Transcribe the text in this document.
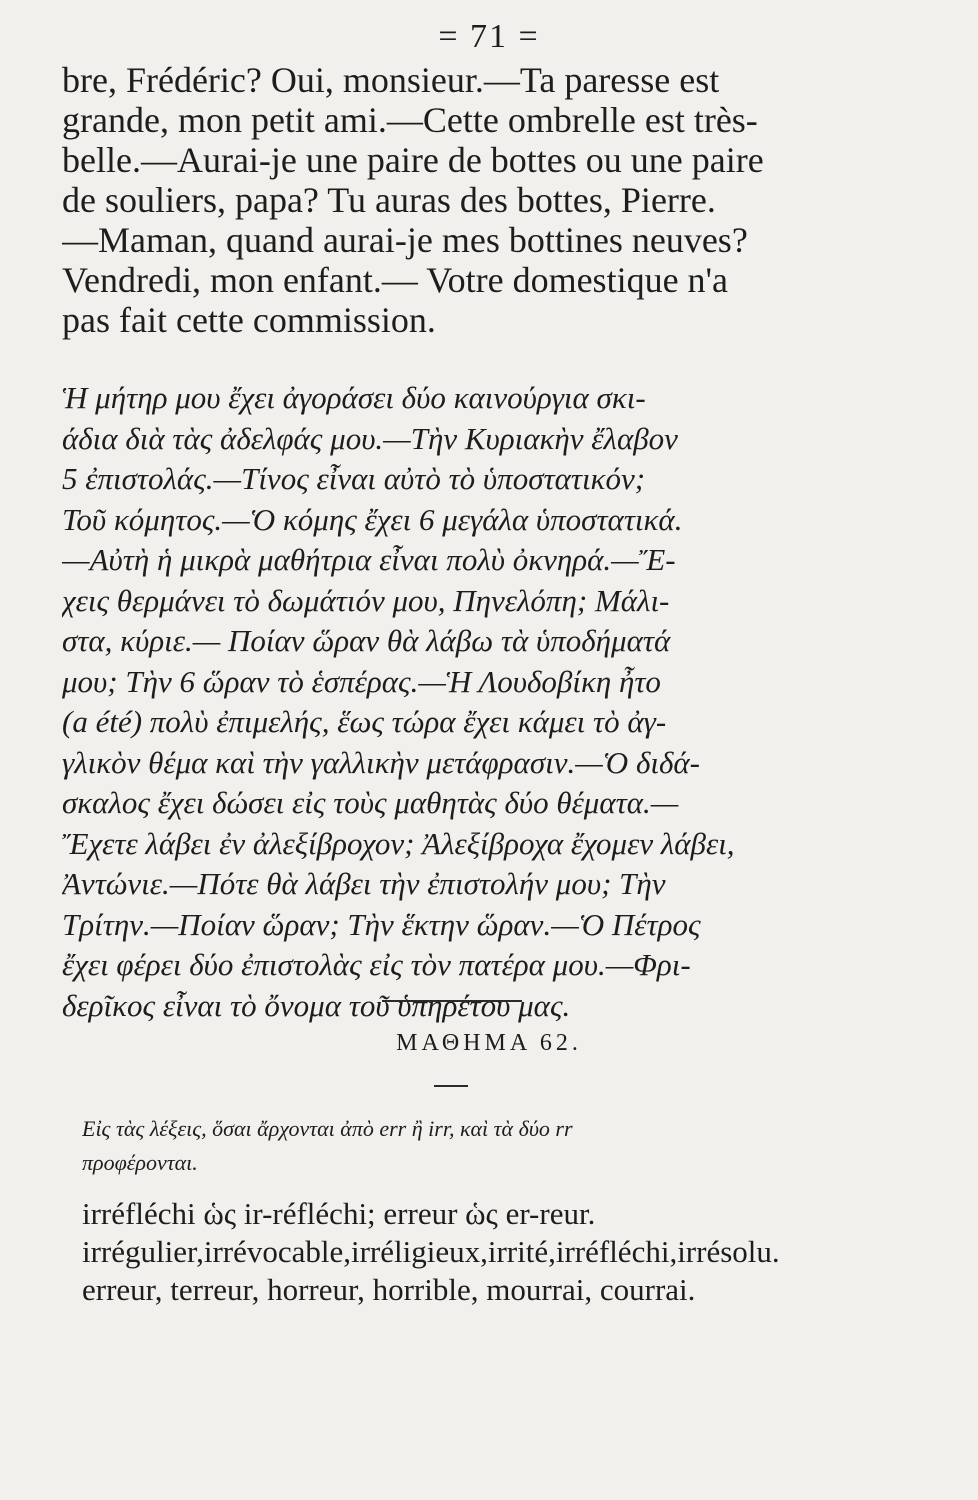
= 71 =
bre, Frédéric? Oui, monsieur.—Ta paresse est
grande, mon petit ami.—Cette ombrelle est très-
belle.—Aurai-je une paire de bottes ou une paire
de souliers, papa? Tu auras des bottes, Pierre.
—Maman, quand aurai-je mes bottines neuves?
Vendredi, mon enfant.— Votre domestique n'a
pas fait cette commission.
Ἡ μήτηρ μου ἔχει ἀγοράσει δύο καινούργια σκι-
άδια διὰ τὰς ἀδελφάς μου.—Τὴν Κυριακὴν ἔλαβον
5 ἐπιστολάς.—Τίνος εἶναι αὐτὸ τὸ ὑποστατικόν;
Τοῦ κόμητος.—Ὁ κόμης ἔχει 6 μεγάλα ὑποστατικά.
—Αὐτὴ ἡ μικρὰ μαθήτρια εἶναι πολὺ ὀκνηρά.—Ἔ-
χεις θερμάνει τὸ δωμάτιόν μου, Πηνελόπη; Μάλι-
στα, κύριε.— Ποίαν ὥραν θὰ λάβω τὰ ὑποδήματά
μου; Τὴν 6 ὥραν τὸ ἑσπέρας.—Ἡ Λουδοβίκη ἦτο
(a été) πολὺ ἐπιμελής, ἕως τώρα ἔχει κάμει τὸ ἀγ-
γλικὸν θέμα καὶ τὴν γαλλικὴν μετάφρασιν.—Ὁ διδά-
σκαλος ἔχει δώσει εἰς τοὺς μαθητὰς δύο θέματα.—
Ἔχετε λάβει ἐν ἀλεξίβροχον; Ἀλεξίβροχα ἔχομεν λάβει,
Ἀντώνιε.—Πότε θὰ λάβει τὴν ἐπιστολήν μου; Τὴν
Τρίτην.—Ποίαν ὥραν; Τὴν ἕκτην ὥραν.—Ὁ Πέτρος
ἔχει φέρει δύο ἐπιστολὰς εἰς τὸν πατέρα μου.—Φρι-
δερῖκος εἶναι τὸ ὄνομα τοῦ ὑπηρέτου μας.
ΜΑΘΗΜΑ 62.
Εἰς τὰς λέξεις, ὅσαι ἄρχονται ἀπὸ err ἢ irr, καὶ τὰ δύο rr
προφέρονται.
irréfléchi ὡς ir-réfléchi; erreur ὡς er-reur.
irrégulier,irrévocable,irréligieux,irrité,irréfléchi,irrésolu.
erreur, terreur, horreur, horrible, mourrai, courrai.
